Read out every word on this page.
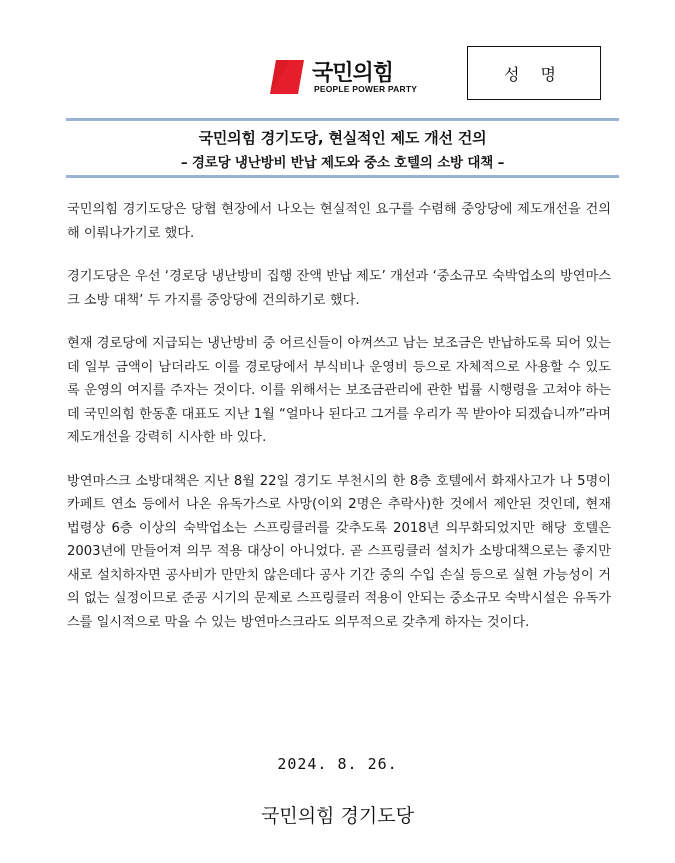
국민의힘
PEOPLE POWER PARTY
성 명
국민의힘 경기도당, 현실적인 제도 개선 건의
– 경로당 냉난방비 반납 제도와 중소 호텔의 소방 대책 –

국민의힘 경기도당은 당협 현장에서 나오는 현실적인 요구를 수렴해 중앙당에 제도개선을 건의해 이뤄나가기로 했다.

경기도당은 우선 ‘경로당 냉난방비 집행 잔액 반납 제도’ 개선과 ‘중소규모 숙박업소의 방연마스크 소방 대책’ 두 가지를 중앙당에 건의하기로 했다.

현재 경로당에 지급되는 냉난방비 중 어르신들이 아껴쓰고 남는 보조금은 반납하도록 되어 있는데 일부 금액이 남더라도 이를 경로당에서 부식비나 운영비 등으로 자체적으로 사용할 수 있도록 운영의 여지를 주자는 것이다. 이를 위해서는 보조금관리에 관한 법률 시행령을 고쳐야 하는데 국민의힘 한동훈 대표도 지난 1월 “얼마나 된다고 그거를 우리가 꼭 받아야 되겠습니까”라며 제도개선을 강력히 시사한 바 있다.

방연마스크 소방대책은 지난 8월 22일 경기도 부천시의 한 8층 호텔에서 화재사고가 나 5명이 카페트 연소 등에서 나온 유독가스로 사망(이외 2명은 추락사)한 것에서 제안된 것인데, 현재 법령상 6층 이상의 숙박업소는 스프링클러를 갖추도록 2018년 의무화되었지만 해당 호텔은 2003년에 만들어져 의무 적용 대상이 아니었다. 곧 스프링클러 설치가 소방대책으로는 좋지만 새로 설치하자면 공사비가 만만치 않은데다 공사 기간 중의 수입 손실 등으로 실현 가능성이 거의 없는 실정이므로 준공 시기의 문제로 스프링클러 적용이 안되는 중소규모 숙박시설은 유독가스를 일시적으로 막을 수 있는 방연마스크라도 의무적으로 갖추게 하자는 것이다.

2024. 8. 26.
국민의힘 경기도당
